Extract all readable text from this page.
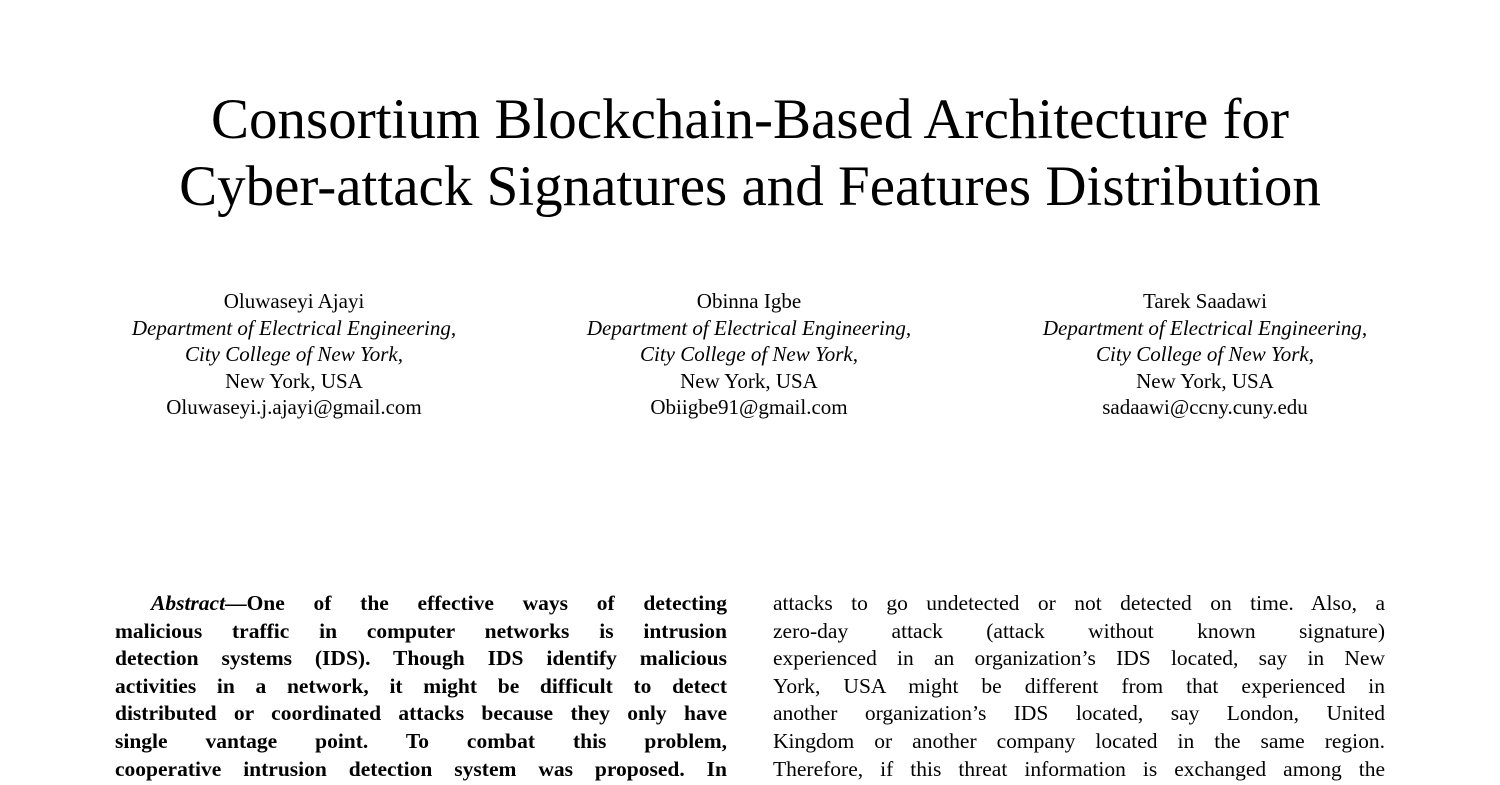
Consortium Blockchain-Based Architecture for
Cyber-attack Signatures and Features Distribution
Oluwaseyi Ajayi
Department of Electrical Engineering,
City College of New York,
New York, USA
Oluwaseyi.j.ajayi@gmail.com
Obinna Igbe
Department of Electrical Engineering,
City College of New York,
New York, USA
Obiigbe91@gmail.com
Tarek Saadawi
Department of Electrical Engineering,
City College of New York,
New York, USA
sadaawi@ccny.cuny.edu
Abstract—One of the effective ways of detecting
malicious traffic in computer networks is intrusion
detection systems (IDS). Though IDS identify malicious
activities in a network, it might be difficult to detect
distributed or coordinated attacks because they only have
single vantage point. To combat this problem,
cooperative intrusion detection system was proposed. In
attacks to go undetected or not detected on time. Also, a
zero-day attack (attack without known signature)
experienced in an organization’s IDS located, say in New
York, USA might be different from that experienced in
another organization’s IDS located, say London, United
Kingdom or another company located in the same region.
Therefore, if this threat information is exchanged among the
